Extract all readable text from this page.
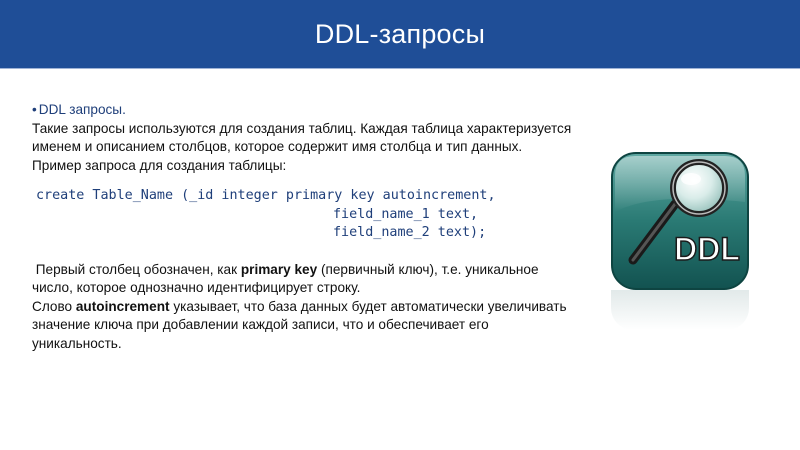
DDL-запросы

• DDL запросы.

Такие запросы используются для создания таблиц. Каждая таблица характеризуется

именем и описанием столбцов, которое содержит имя столбца и тип данных.

Пример запроса для создания таблицы:

create Table_Name (_id integer primary key autoincrement,
field_name_1 text,
field_name_2 text);

Первый столбец обозначен, как primary key (первичный ключ), т.е. уникальное

число, которое однозначно идентифицирует строку.

Слово autoincrement указывает, что база данных будет автоматически увеличивать

значение ключа при добавлении каждой записи, что и обеспечивает его

уникальность.

DDL
